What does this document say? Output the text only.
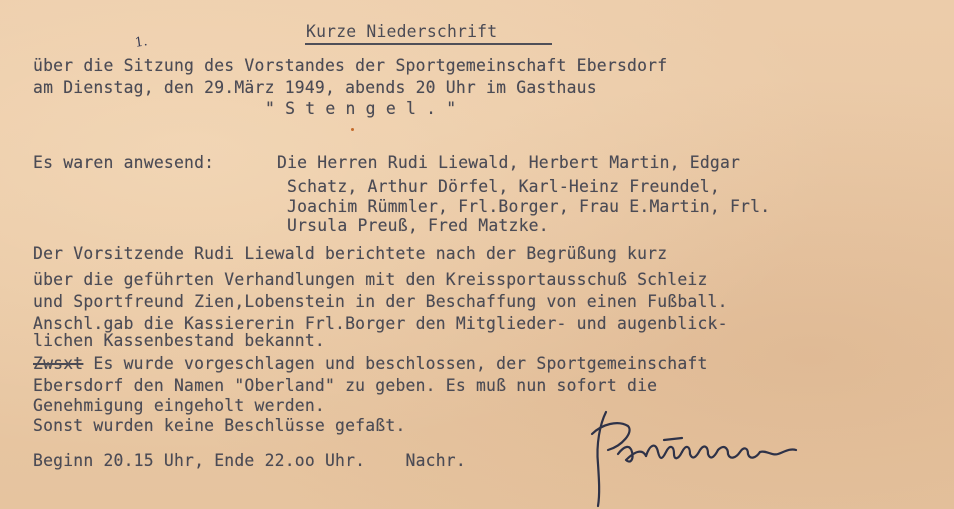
Kurze Niederschrift
1.
über die Sitzung des Vorstandes der Sportgemeinschaft Ebersdorf
am Dienstag, den 29.März 1949, abends 20 Uhr im Gasthaus
" S t e n g e l . "
Es waren anwesend:	Die Herren Rudi Liewald, Herbert Martin, Edgar
Schatz, Arthur Dörfel, Karl-Heinz Freundel,
Joachim Rümmler, Frl.Borger, Frau E.Martin, Frl.
Ursula Preuß, Fred Matzke.
Der Vorsitzende Rudi Liewald berichtete nach der Begrüßung kurz
über die geführten Verhandlungen mit den Kreissportausschuß Schleiz
und Sportfreund Zien,Lobenstein in der Beschaffung von einen Fußball.
Anschl.gab die Kassiererin Frl.Borger den Mitglieder- und augenblick-
lichen Kassenbestand bekannt.
Zwsxt Es wurde vorgeschlagen und beschlossen, der Sportgemeinschaft
Ebersdorf den Namen "Oberland" zu geben. Es muß nun sofort die
Genehmigung eingeholt werden.
Sonst wurden keine Beschlüsse gefaßt.
Beginn 20.15 Uhr, Ende 22.oo Uhr.    Nachr.
